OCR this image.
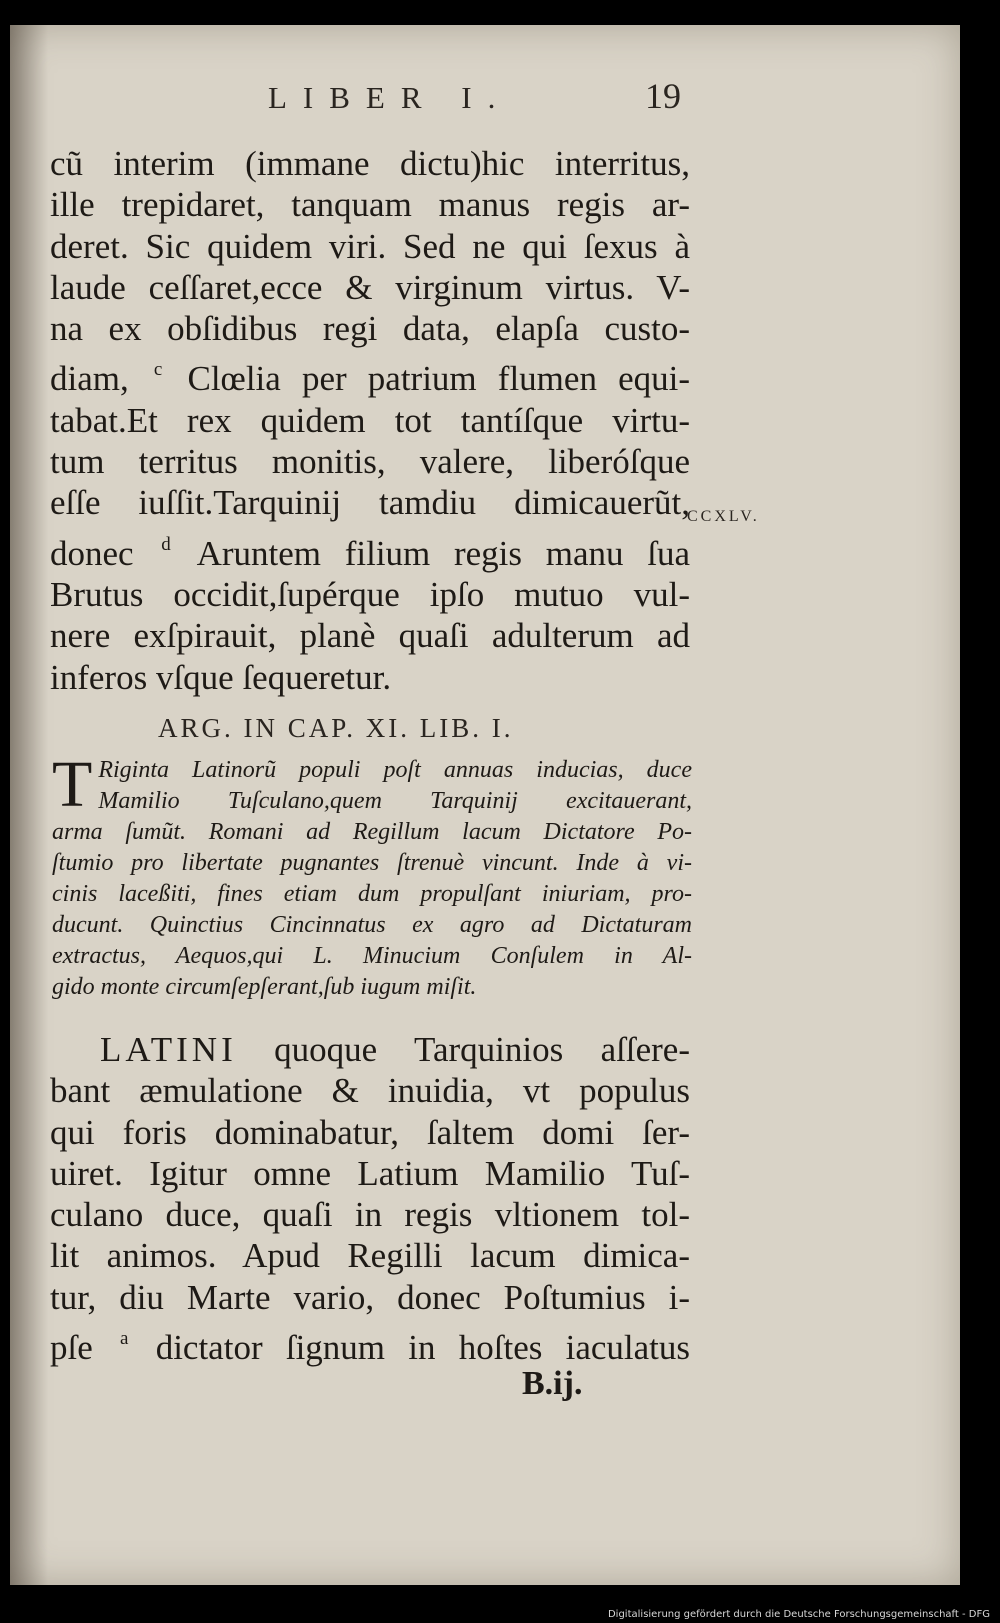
LIBER I.	19
cũ interim (immane dictu)hic interritus,
ille trepidaret, tanquam manus regis ar-
deret. Sic quidem viri. Sed ne qui ſexus à
laude ceſſaret,ecce & virginum virtus. V-
na ex obſidibus regi data, elapſa custo-
diam, $^c$ Clœlia per patrium flumen equi-
tabat.Et rex quidem tot tantíſque virtu-
tum territus monitis, valere, liberóſque
eſſe iuſſit.Tarquinij tamdiu dimicauerũt,
donec $^d$ Aruntem filium regis manu ſua
Brutus occidit,ſupérque ipſo mutuo vul-
nere exſpirauit, planè quaſi adulterum ad
inferos vſque ſequeretur.
CCXLV.
ARG. IN CAP. XI. LIB. I.
T Riginta Latinorũ populi poſt annuas inducias, duce
Mamilio Tuſculano,quem Tarquinij excitauerant,
arma ſumũt. Romani ad Regillum lacum Dictatore Po-
ſtumio pro libertate pugnantes ſtrenuè vincunt. Inde à vi-
cinis laceßiti, fines etiam dum propulſant iniuriam, pro-
ducunt. Quinctius Cincinnatus ex agro ad Dictaturam
extractus, Aequos,qui L. Minucium Conſulem in Al-
gido monte circumſepſerant,ſub iugum miſit.
LATINI quoque Tarquinios aſſere-
bant æmulatione & inuidia, vt populus
qui foris dominabatur, ſaltem domi ſer-
uiret. Igitur omne Latium Mamilio Tuſ-
culano duce, quaſi in regis vltionem tol-
lit animos. Apud Regilli lacum dimica-
tur, diu Marte vario, donec Poſtumius i-
pſe $^a$ dictator ſignum in hoſtes iaculatus
B.ij.
Digitalisierung gefördert durch die Deutsche Forschungsgemeinschaft - DFG
